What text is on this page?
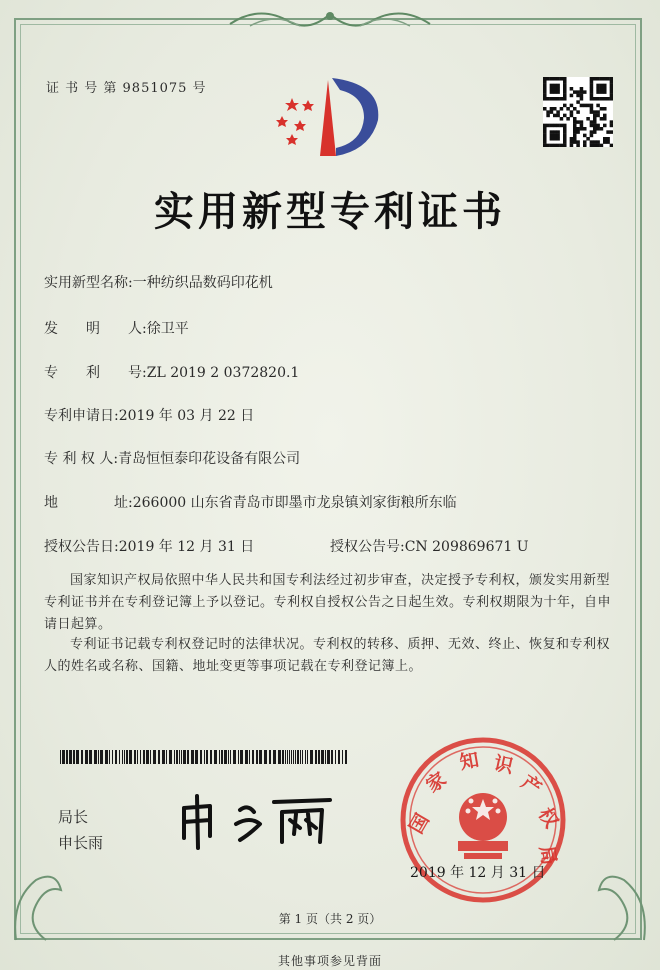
证 书 号 第 9851075 号
实用新型专利证书
实用新型名称:一种纺织品数码印花机
发　　明　　人:徐卫平
专　　利　　号:ZL 2019 2 0372820.1
专利申请日:2019 年 03 月 22 日
专 利 权 人:青岛恒恒泰印花设备有限公司
地　　　　址:266000 山东省青岛市即墨市龙泉镇刘家街粮所东临
授权公告日:2019 年 12 月 31 日	授权公告号:CN 209869671 U
国家知识产权局依照中华人民共和国专利法经过初步审查，决定授予专利权，颁发实用新型专利证书并在专利登记簿上予以登记。专利权自授权公告之日起生效。专利权期限为十年，自申请日起算。
专利证书记载专利权登记时的法律状况。专利权的转移、质押、无效、终止、恢复和专利权人的姓名或名称、国籍、地址变更等事项记载在专利登记簿上。
局长
申长雨
国
家
知 识
产
权
局
2019 年 12 月 31 日
第 1 页（共 2 页）
其他事项参见背面
